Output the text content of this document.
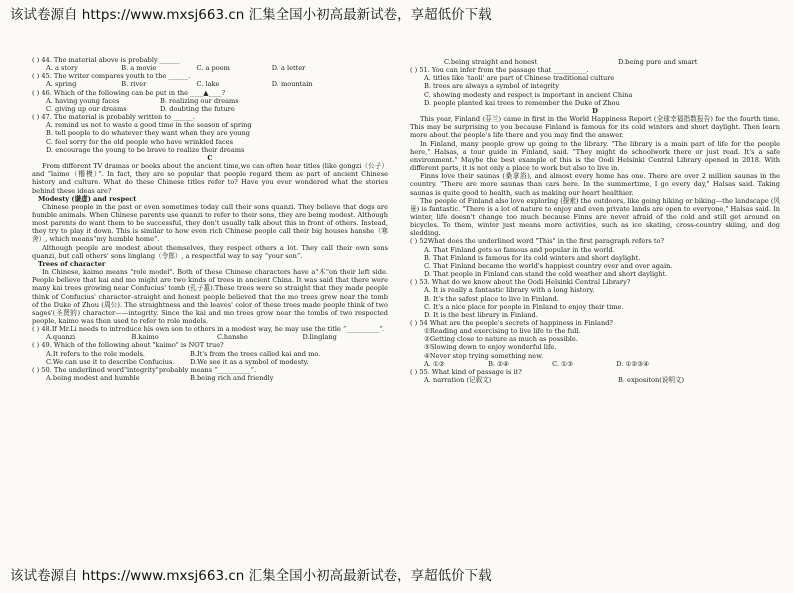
该试卷源自 https://www.mxsj663.cn 汇集全国小初高最新试卷，享超低价下载
( ) 44. The material above is probably ______
A. a story	B. a movie	C. a poem	D. a letter
( ) 45. The writer compares youth to the ______.
A. spring	B. river	C. lake	D. mountain
( ) 46. Which of the following can be put in the ____▲____?
A. having young faces	B. realizing our dreams
C. giving up our dreams	D. doubting the future
( ) 47. The material is probably written to ______.
A. remind us not to waste a good time in the season of spring
B. tell people to do whatever they want when they are young
C. feel sorry for the old people who have wrinkled faces
D. encourage the young to be brave to realize their dreams
C
From different TV dramas or books about the ancient time,we can often hear titles (like gongzi（公子）and “laimo（楷模）”. In fact, they are so popular that people regard them as part of ancient Chinese history and culture. What do these Chinese titles refer to? Have you ever wondered what the stories behind these ideas are?
Modesty (谦虚) and respect
Chinese people in the past or even sometimes today call their sons quanzi. They believe that dogs are humble animals. When Chinese parents use quanzi to refer to their sons, they are being modest. Although most parents do want them to be successful, they don't usually talk about this in front of others. Instead, they try to play it down. This is similar to how even rich Chinese people call their big houses hanshe（寒舍）, which means“my humble home”.
Although people are modest about themselves, they respect others a lot. They call their own sons quanzi, but call others' sons linglang（令郎）, a respectful way to say “your son”.
Trees of character
In Chinese, kaimo means "role model". Both of these Chinese characters have a"木"on their left side. People believe that kai and mo might are two kinds of trees in ancient China. It was said that there were many kai trees growing near Confucius' tomb (孔子墓).These trees were so straight that they made people think of Confucius' character–straight and honest people believed that the mo trees grew near the tomb of the Duke of Zhou (周公). The straightness and the leaves' color of these trees made people think of two sages'(圣贤的) character——integrity. Since the kai and mo trees grow near the tombs of two respected people, kaimo was then used to refer to role models.
( ) 48.If Mr.Li needs to introduce his own son to others in a modest way, he may use the title “__________”.
A.quanzi	B.kaimo	C.hanshe	D.linglang
( ) 49. Which of the following about "kaimo" is NOT true?
A.It refers to the role models.	B.It's from the trees called kai and mo.
C.We can use it to describe Confucius. D.We see it as a symbol of modesty.
( ) 50. The underlined word"integrity"probably means “__________”.
A.being modest and humble	B.being rich and friendly
C.being straight and honest	D.being pure and smart
( ) 51. You can infer from the passage that __________.
A. titles like 'taoli' are part of Chinese traditional culture
B. trees are always a symbol of integrity
C. showing modesty and respect is important in ancient China
D. people planted kai trees to remember the Duke of Zhou
D
This year, Finland (芬兰) came in first in the World Happiness Report (全球幸福指数报告) for the fourth time. This may be surprising to you because Finland is famous for its cold winters and short daylight. Then learn more about the people's life there and you may find the answer.
In Finland, many people grow up going to the library. "The library is a main part of life for the people here," Halsas, a tour guide in Finland, said. "They might do schoolwork there or just read. It's a safe environment." Maybe the best example of this is the Oodi Helsinki Central Library opened in 2018. With different parts, it is not only a place to work but also to live in.
Finns love their saunas (桑拿浴), and almost every home has one. There are over 2 million saunas in the country. "There are more saunas than cars here. In the summertime, I go every day," Halsas said. Taking saunas is quite good to health, such as making our heart healthier.
The people of Finland also love exploring (探索) the outdoors, like going hiking or biking—the landscape (风景) is fantastic. "There is a lot of nature to enjoy and even private lands are open to everyone," Halsas said. In winter, life doesn't change too much because Finns are never afraid of the cold and still get around on bicycles. To them, winter just means more activities, such as ice skating, cross-country skiing, and dog sledding.
( ) 52What does the underlined word "This" in the first paragraph refers to?
A. That Finland gets so famous and popular in the world.
B. That Finland is famous for its cold winters and short daylight.
C. That Finland became the world's happiest country over and over again.
D. That people in Finland can stand the cold weather and short daylight.
( ) 53. What do we know about the Oodi Helsinki Central Library?
A. It is really a fantastic library with a long history.
B. It's the safest place to live in Finland.
C. It's a nice place for people in Finland to enjoy their time.
D. It is the best library in Finland.
( ) 54 What are the people's secrets of happiness in Finland?
①Reading and exercising to live life to the full.
②Getting close to nature as much as possible.
③Slowing down to enjoy wonderful life.
④Never stop trying something new.
A. ①②	B. ②④	C. ①③	D. ①②③④
( ) 55. What kind of passage is it?
A. narration (记叙文)	B. expositon(说明文)
该试卷源自 https://www.mxsj663.cn 汇集全国小初高最新试卷，享超低价下载
